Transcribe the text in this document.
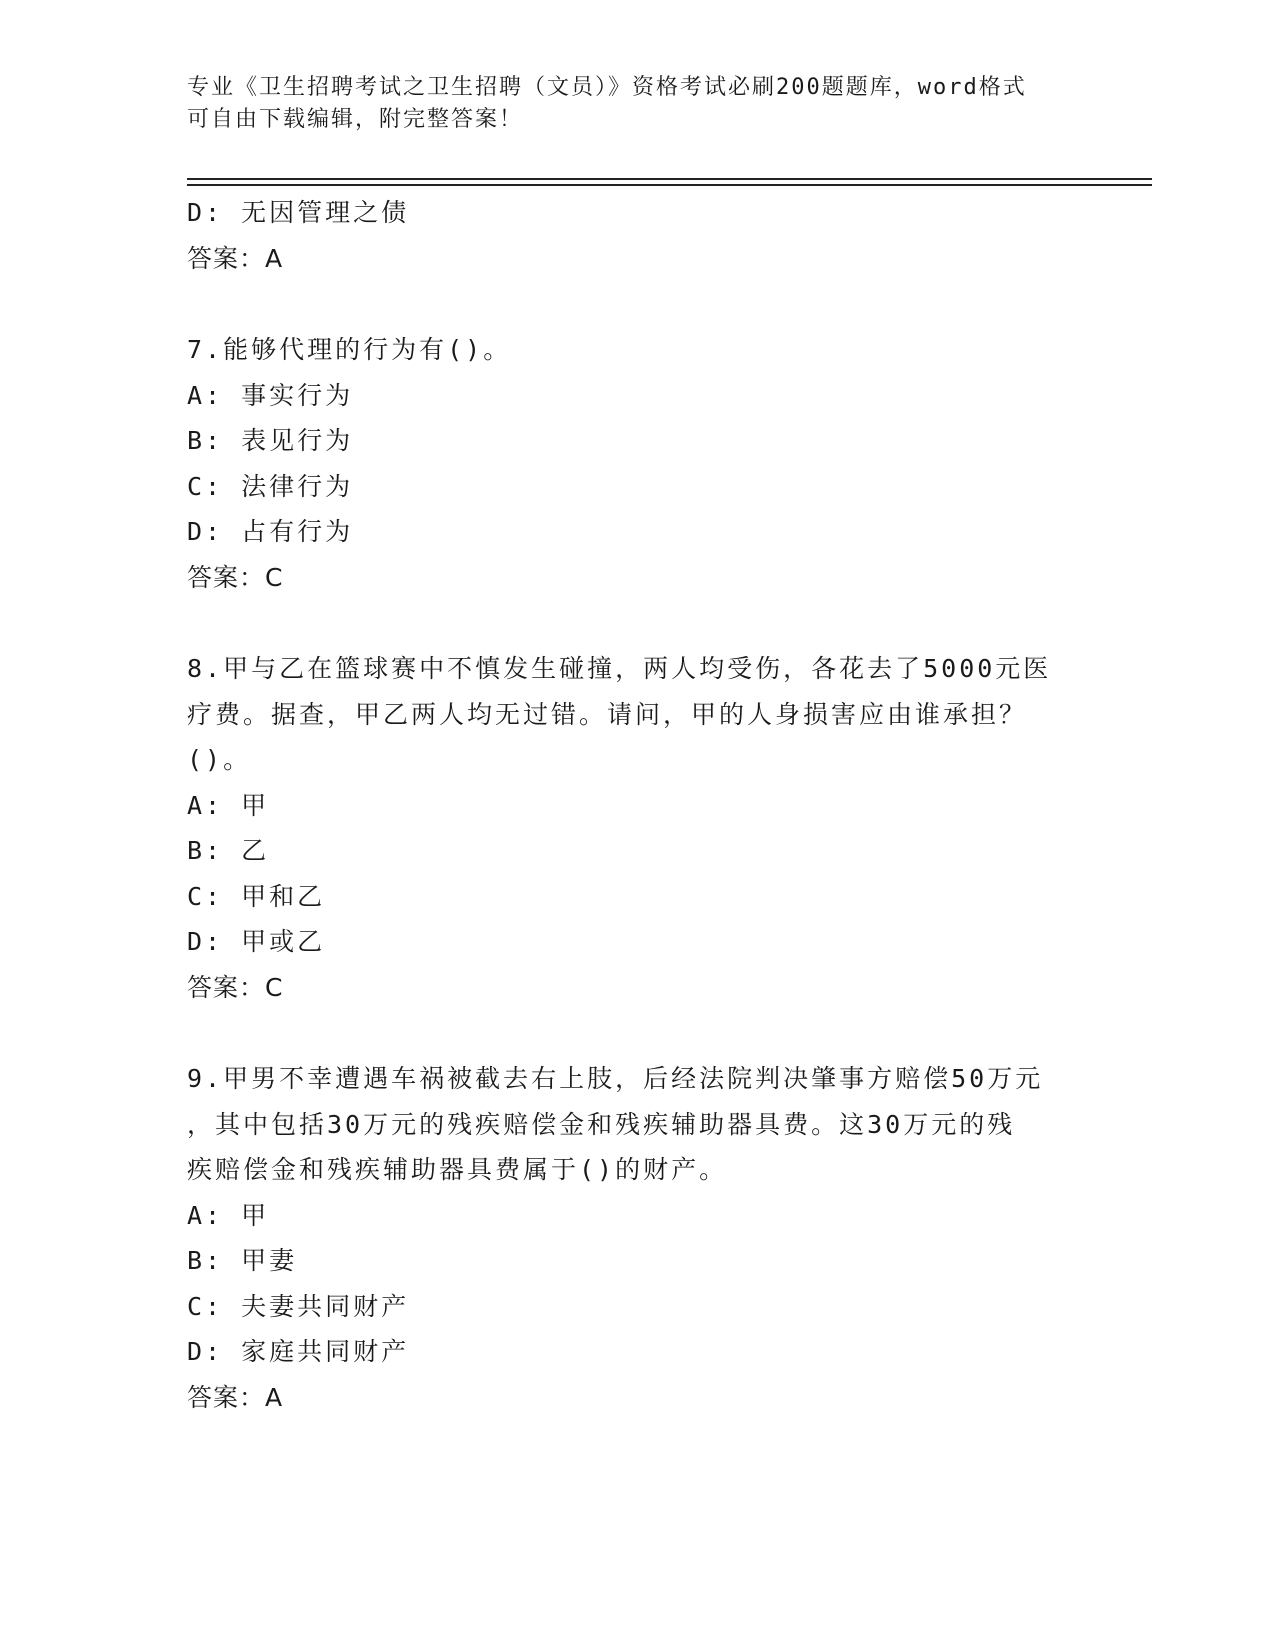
专业《卫生招聘考试之卫生招聘（文员）》资格考试必刷200题题库，word格式
可自由下载编辑，附完整答案！
D: 无因管理之债
答案：A
7.能够代理的行为有()。
A: 事实行为
B: 表见行为
C: 法律行为
D: 占有行为
答案：C
8.甲与乙在篮球赛中不慎发生碰撞，两人均受伤，各花去了5000元医
疗费。据查，甲乙两人均无过错。请问，甲的人身损害应由谁承担？
()。
A: 甲
B: 乙
C: 甲和乙
D: 甲或乙
答案：C
9.甲男不幸遭遇车祸被截去右上肢，后经法院判决肇事方赔偿50万元
，其中包括30万元的残疾赔偿金和残疾辅助器具费。这30万元的残
疾赔偿金和残疾辅助器具费属于()的财产。
A: 甲
B: 甲妻
C: 夫妻共同财产
D: 家庭共同财产
答案：A
